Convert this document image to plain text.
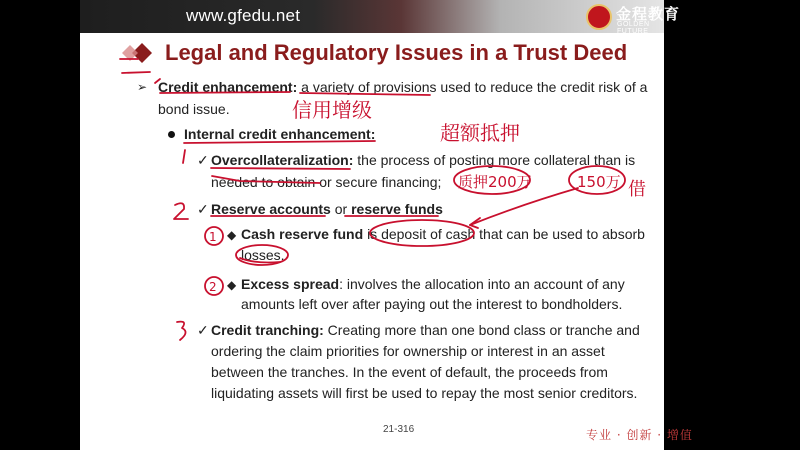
www.gfedu.net	金程教育
GOLDEN FUTURE
Legal and Regulatory Issues in a Trust Deed
➢ Credit enhancement: a variety of provisions used to reduce the credit risk of a
bond issue.
Internal credit enhancement:
✓ Overcollateralization: the process of posting more collateral than is
needed to obtain or secure financing;
✓ Reserve accounts or reserve funds
◆ Cash reserve fund is deposit of cash that can be used to absorb
losses.
◆ Excess spread: involves the allocation into an account of any
amounts left over after paying out the interest to bondholders.
✓ Credit tranching: Creating more than one bond class or tranche and
ordering the claim priorities for ownership or interest in an asset
between the tranches. In the event of default, the proceeds from
liquidating assets will first be used to repay the most senior creditors.
21-316	专业 · 创新 · 增值
信用增级
超额抵押
质押200万	150万 借
1
2
